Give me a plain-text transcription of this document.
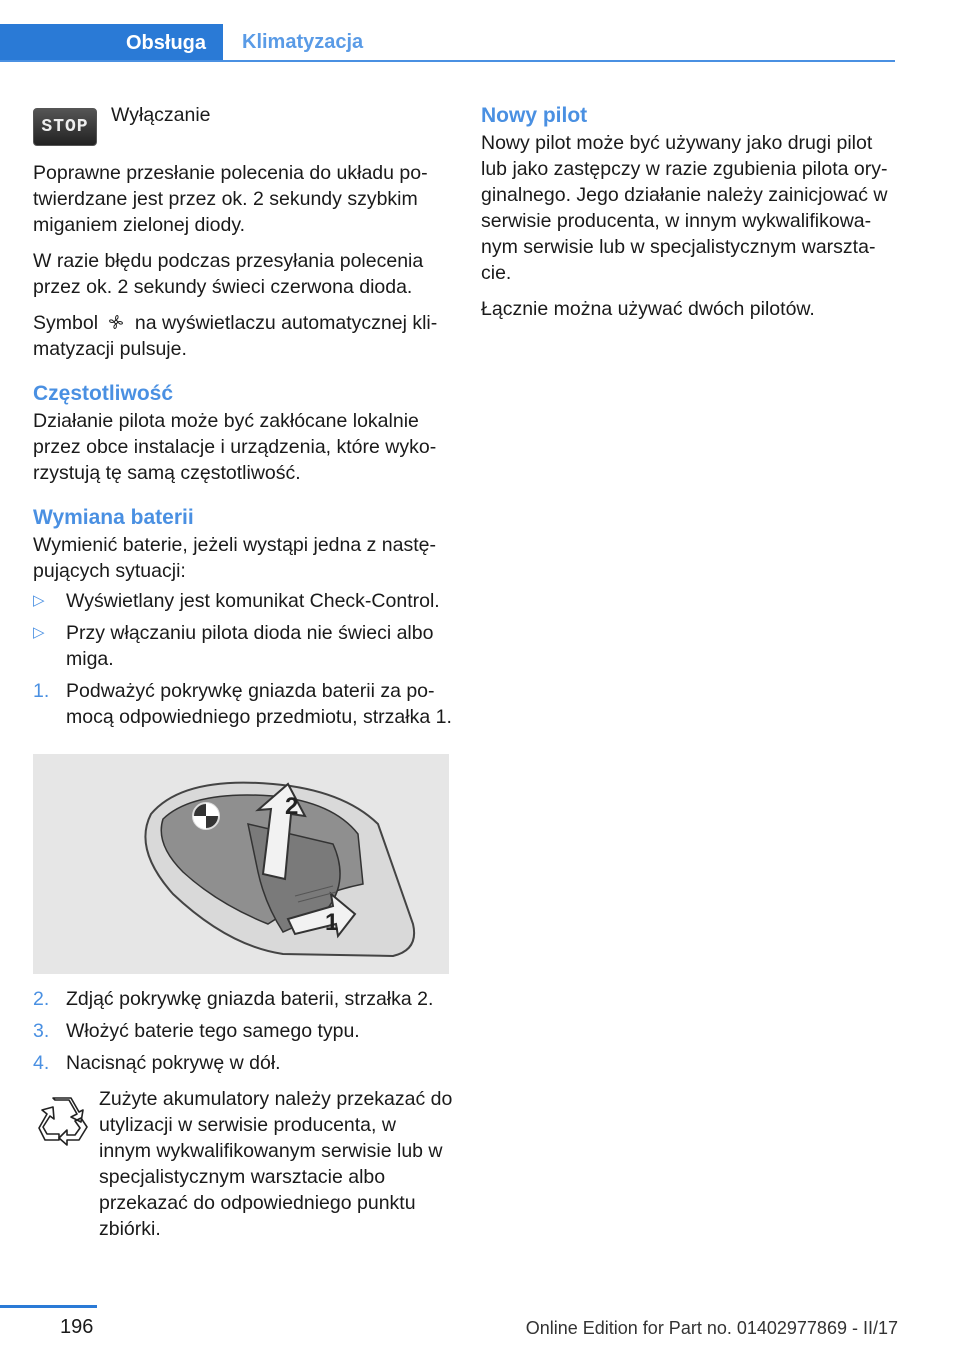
Obsługa	Klimatyzacja
STOP
Wyłączanie

Poprawne przesłanie polecenia do układu potwierdzane jest przez ok. 2 sekundy szybkim miganiem zielonej diody.

W razie błędu podczas przesyłania polecenia przez ok. 2 sekundy świeci czerwona dioda.

Symbol na wyświetlaczu automatycznej klimatyzacji pulsuje.

Częstotliwość

Działanie pilota może być zakłócane lokalnie przez obce instalacje i urządzenia, które wykorzystują tę samą częstotliwość.

Wymiana baterii

Wymienić baterie, jeżeli wystąpi jedna z następujących sytuacji:

▷	Wyświetlany jest komunikat Check-Control.
▷	Przy włączaniu pilota dioda nie świeci albo miga.
1. Podważyć pokrywkę gniazda baterii za pomocą odpowiedniego przedmiotu, strzałka 1.
2
1
2. Zdjąć pokrywkę gniazda baterii, strzałka 2.
3. Włożyć baterie tego samego typu.
4. Nacisnąć pokrywę w dół.
Zużyte akumulatory należy przekazać do utylizacji w serwisie producenta, w innym wykwalifikowanym serwisie lub w specjalistycznym warsztacie albo przekazać do odpowiedniego punktu zbiórki.
Nowy pilot

Nowy pilot może być używany jako drugi pilot lub jako zastępczy w razie zgubienia pilota oryginalnego. Jego działanie należy zainicjować w serwisie producenta, w innym wykwalifikowanym serwisie lub w specjalistycznym warsztacie.

Łącznie można używać dwóch pilotów.

196	Online Edition for Part no. 01402977869 - II/17
